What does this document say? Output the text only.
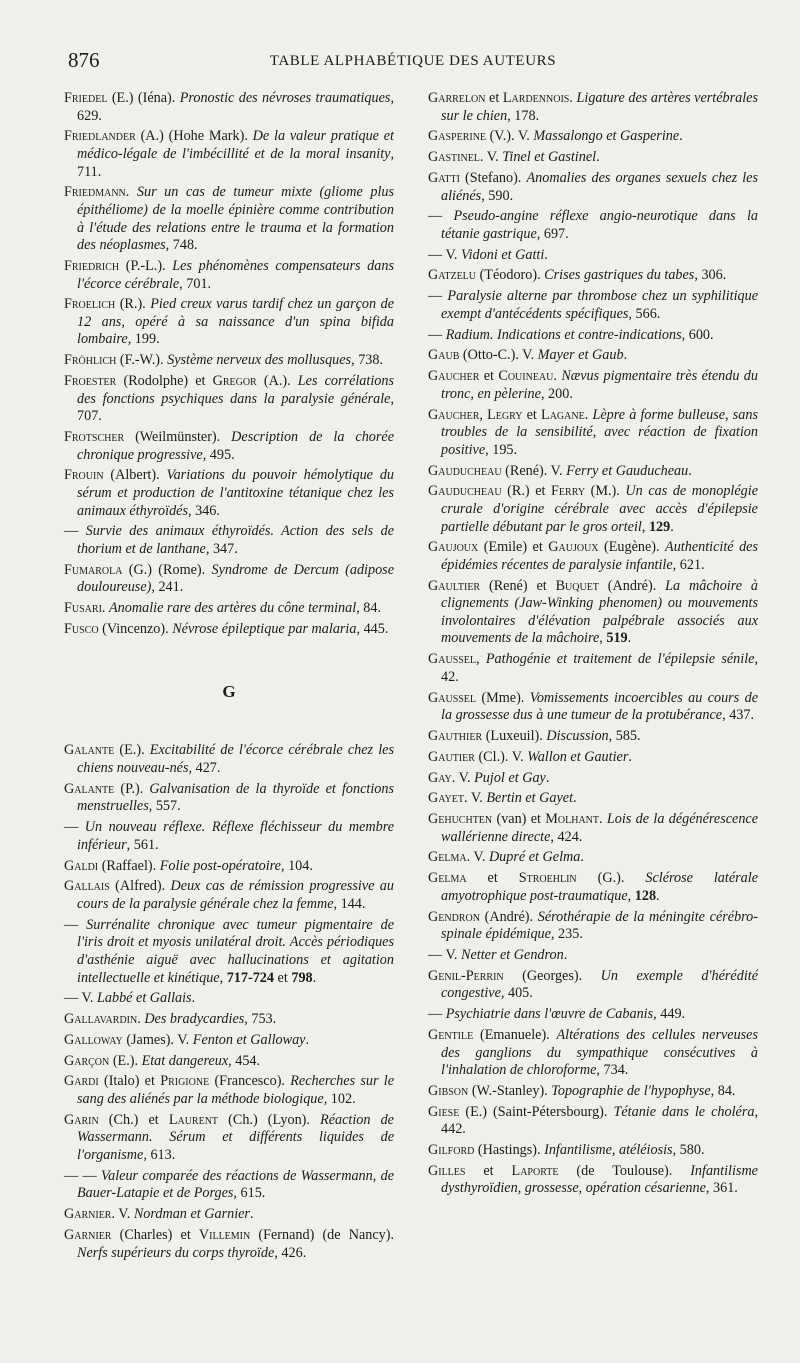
876	TABLE ALPHABÉTIQUE DES AUTEURS

Friedel (E.) (Iéna). Pronostic des névroses traumatiques, 629.

Friedlander (A.) (Hohe Mark). De la valeur pratique et médico-légale de l'imbécillité et de la moral insanity, 711.

Friedmann. Sur un cas de tumeur mixte (gliome plus épithéliome) de la moelle épinière comme contribution à l'étude des relations entre le trauma et la formation des néoplasmes, 748.

Friedrich (P.-L.). Les phénomènes compensateurs dans l'écorce cérébrale, 701.

Froelich (R.). Pied creux varus tardif chez un garçon de 12 ans, opéré à sa naissance d'un spina bifida lombaire, 199.

Fröhlich (F.-W.). Système nerveux des mollusques, 738.

Froester (Rodolphe) et Gregor (A.). Les corrélations des fonctions psychiques dans la paralysie générale, 707.

Frotscher (Weilmünster). Description de la chorée chronique progressive, 495.

Frouin (Albert). Variations du pouvoir hémolytique du sérum et production de l'antitoxine tétanique chez les animaux éthyroïdés, 346.

— Survie des animaux éthyroïdés. Action des sels de thorium et de lanthane, 347.

Fumarola (G.) (Rome). Syndrome de Dercum (adipose douloureuse), 241.

Fusari. Anomalie rare des artères du cône terminal, 84.

Fusco (Vincenzo). Névrose épileptique par malaria, 445.

G

Galante (E.). Excitabilité de l'écorce cérébrale chez les chiens nouveau-nés, 427.

Galante (P.). Galvanisation de la thyroïde et fonctions menstruelles, 557.

— Un nouveau réflexe. Réflexe fléchisseur du membre inférieur, 561.

Galdi (Raffael). Folie post-opératoire, 104.

Gallais (Alfred). Deux cas de rémission progressive au cours de la paralysie générale chez la femme, 144.

— Surrénalite chronique avec tumeur pigmentaire de l'iris droit et myosis unilatéral droit. Accès périodiques d'asthénie aiguë avec hallucinations et agitation intellectuelle et kinétique, 717-724 et 798.

— V. Labbé et Gallais.

Gallavardin. Des bradycardies, 753.

Galloway (James). V. Fenton et Galloway.

Garçon (E.). Etat dangereux, 454.

Gardi (Italo) et Prigione (Francesco). Recherches sur le sang des aliénés par la méthode biologique, 102.

Garin (Ch.) et Laurent (Ch.) (Lyon). Réaction de Wassermann. Sérum et différents liquides de l'organisme, 613.

— — Valeur comparée des réactions de Wassermann, de Bauer-Latapie et de Porges, 615.

Garnier. V. Nordman et Garnier.

Garnier (Charles) et Villemin (Fernand) (de Nancy). Nerfs supérieurs du corps thyroïde, 426.

Garrelon et Lardennois. Ligature des artères vertébrales sur le chien, 178.

Gasperine (V.). V. Massalongo et Gasperine.

Gastinel. V. Tinel et Gastinel.

Gatti (Stefano). Anomalies des organes sexuels chez les aliénés, 590.

— Pseudo-angine réflexe angio-neurotique dans la tétanie gastrique, 697.

— V. Vidoni et Gatti.

Gatzelu (Téodoro). Crises gastriques du tabes, 306.

— Paralysie alterne par thrombose chez un syphilitique exempt d'antécédents spécifiques, 566.

— Radium. Indications et contre-indications, 600.

Gaub (Otto-C.). V. Mayer et Gaub.

Gaucher et Couineau. Nævus pigmentaire très étendu du tronc, en pèlerine, 200.

Gaucher, Legry et Lagane. Lèpre à forme bulleuse, sans troubles de la sensibilité, avec réaction de fixation positive, 195.

Gauducheau (René). V. Ferry et Gauducheau.

Gauducheau (R.) et Ferry (M.). Un cas de monoplégie crurale d'origine cérébrale avec accès d'épilepsie partielle débutant par le gros orteil, 129.

Gaujoux (Emile) et Gaujoux (Eugène). Authenticité des épidémies récentes de paralysie infantile, 621.

Gaultier (René) et Buquet (André). La mâchoire à clignements (Jaw-Winking phenomen) ou mouvements involontaires d'élévation palpébrale associés aux mouvements de la mâchoire, 519.

Gaussel, Pathogénie et traitement de l'épilepsie sénile, 42.

Gaussel (Mme). Vomissements incoercibles au cours de la grossesse dus à une tumeur de la protubérance, 437.

Gauthier (Luxeuil). Discussion, 585.

Gautier (Cl.). V. Wallon et Gautier.

Gay. V. Pujol et Gay.

Gayet. V. Bertin et Gayet.

Gehuchten (van) et Molhant. Lois de la dégénérescence wallérienne directe, 424.

Gelma. V. Dupré et Gelma.

Gelma et Stroehlin (G.). Sclérose latérale amyotrophique post-traumatique, 128.

Gendron (André). Sérothérapie de la méningite cérébro-spinale épidémique, 235.

— V. Netter et Gendron.

Genil-Perrin (Georges). Un exemple d'hérédité congestive, 405.

— Psychiatrie dans l'œuvre de Cabanis, 449.

Gentile (Emanuele). Altérations des cellules nerveuses des ganglions du sympathique consécutives à l'inhalation de chloroforme, 734.

Gibson (W.-Stanley). Topographie de l'hypophyse, 84.

Giese (E.) (Saint-Pétersbourg). Tétanie dans le choléra, 442.

Gilford (Hastings). Infantilisme, atéléiosis, 580.

Gilles et Laporte (de Toulouse). Infantilisme dysthyroïdien, grossesse, opération césarienne, 361.
